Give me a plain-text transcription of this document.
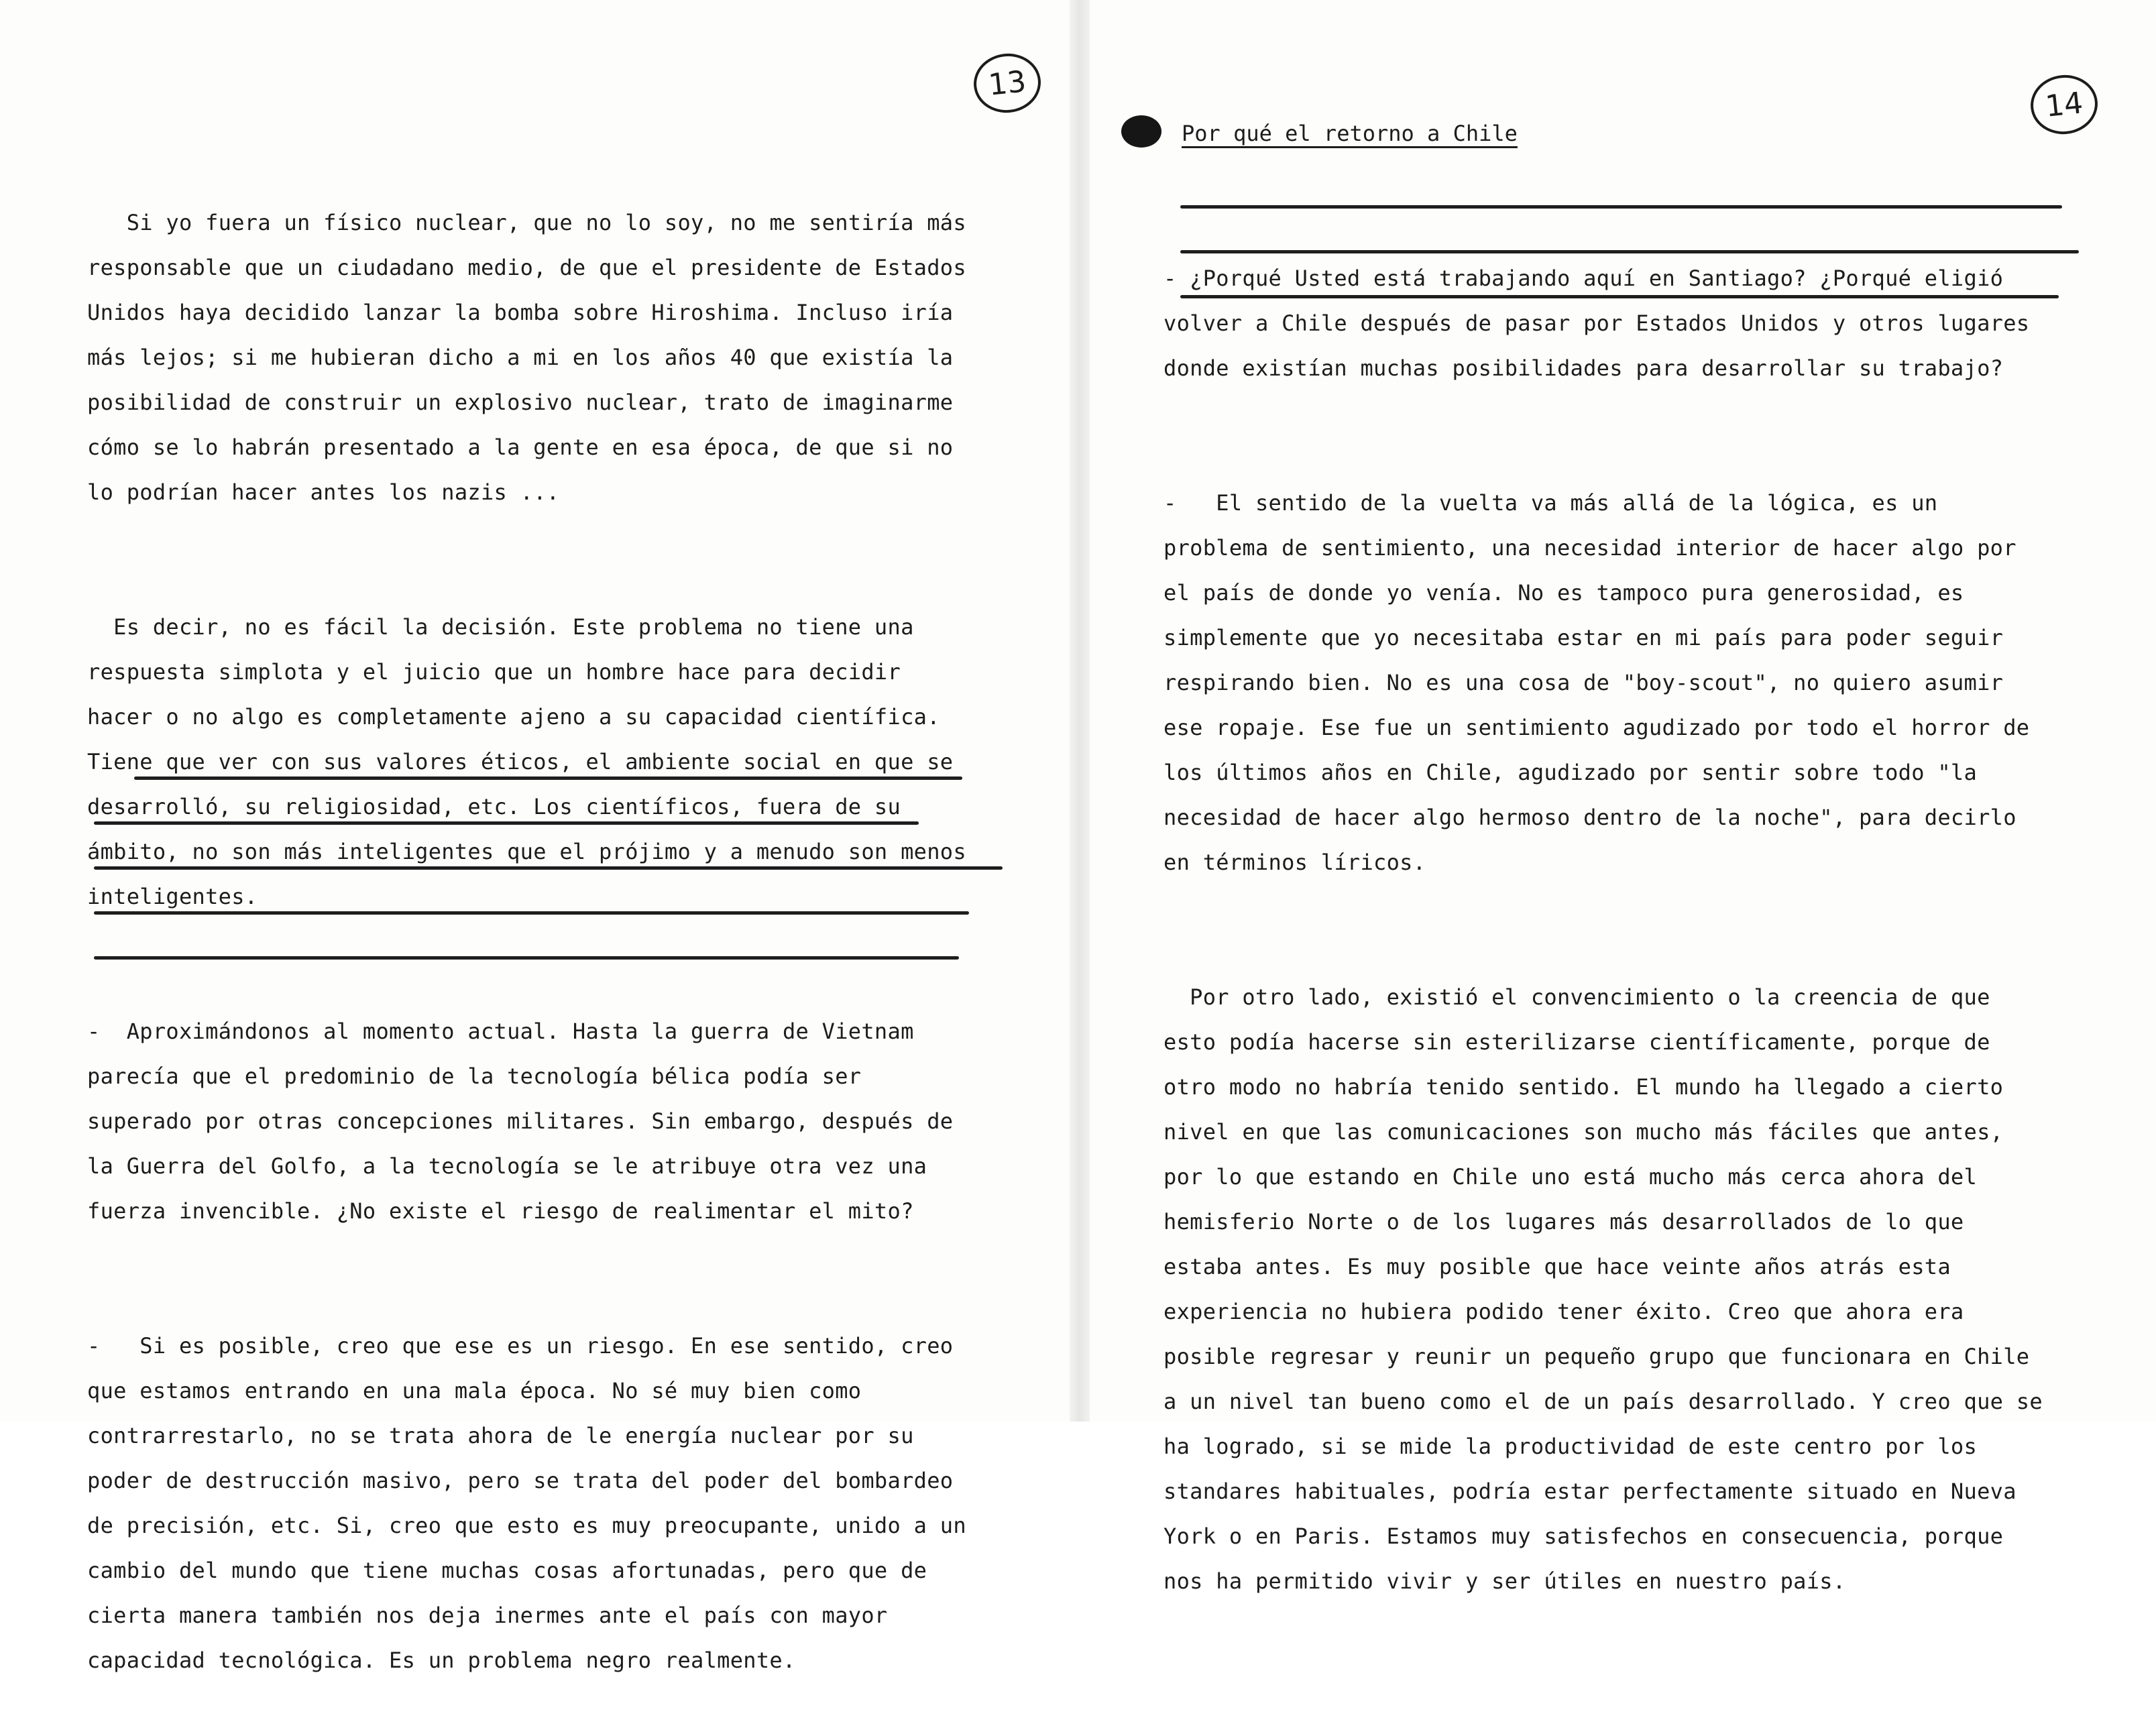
13

Si yo fuera un físico nuclear, que no lo soy, no me sentiría más
responsable que un ciudadano medio, de que el presidente de Estados
Unidos haya decidido lanzar la bomba sobre Hiroshima. Incluso iría
más lejos; si me hubieran dicho a mi en los años 40 que existía la
posibilidad de construir un explosivo nuclear, trato de imaginarme
cómo se lo habrán presentado a la gente en esa época, de que si no
lo podrían hacer antes los nazis ...

Es decir, no es fácil la decisión. Este problema no tiene una
respuesta simplota y el juicio que un hombre hace para decidir
hacer o no algo es completamente ajeno a su capacidad científica.
Tiene que ver con sus valores éticos, el ambiente social en que se
desarrolló, su religiosidad, etc. Los científicos, fuera de su
ámbito, no son más inteligentes que el prójimo y a menudo son menos
inteligentes.

-  Aproximándonos al momento actual. Hasta la guerra de Vietnam
parecía que el predominio de la tecnología bélica podía ser
superado por otras concepciones militares. Sin embargo, después de
la Guerra del Golfo, a la tecnología se le atribuye otra vez una
fuerza invencible. ¿No existe el riesgo de realimentar el mito?

-   Si es posible, creo que ese es un riesgo. En ese sentido, creo
que estamos entrando en una mala época. No sé muy bien como
contrarrestarlo, no se trata ahora de le energía nuclear por su
poder de destrucción masivo, pero se trata del poder del bombardeo
de precisión, etc. Si, creo que esto es muy preocupante, unido a un
cambio del mundo que tiene muchas cosas afortunadas, pero que de
cierta manera también nos deja inermes ante el país con mayor
capacidad tecnológica. Es un problema negro realmente.

14
Por qué el retorno a Chile

- ¿Porqué Usted está trabajando aquí en Santiago? ¿Porqué eligió
volver a Chile después de pasar por Estados Unidos y otros lugares
donde existían muchas posibilidades para desarrollar su trabajo?

-   El sentido de la vuelta va más allá de la lógica, es un
problema de sentimiento, una necesidad interior de hacer algo por
el país de donde yo venía. No es tampoco pura generosidad, es
simplemente que yo necesitaba estar en mi país para poder seguir
respirando bien. No es una cosa de "boy-scout", no quiero asumir
ese ropaje. Ese fue un sentimiento agudizado por todo el horror de
los últimos años en Chile, agudizado por sentir sobre todo "la
necesidad de hacer algo hermoso dentro de la noche", para decirlo
en términos líricos.

Por otro lado, existió el convencimiento o la creencia de que
esto podía hacerse sin esterilizarse científicamente, porque de
otro modo no habría tenido sentido. El mundo ha llegado a cierto
nivel en que las comunicaciones son mucho más fáciles que antes,
por lo que estando en Chile uno está mucho más cerca ahora del
hemisferio Norte o de los lugares más desarrollados de lo que
estaba antes. Es muy posible que hace veinte años atrás esta
experiencia no hubiera podido tener éxito. Creo que ahora era
posible regresar y reunir un pequeño grupo que funcionara en Chile
a un nivel tan bueno como el de un país desarrollado. Y creo que se
ha logrado, si se mide la productividad de este centro por los
standares habituales, podría estar perfectamente situado en Nueva
York o en Paris. Estamos muy satisfechos en consecuencia, porque
nos ha permitido vivir y ser útiles en nuestro país.
